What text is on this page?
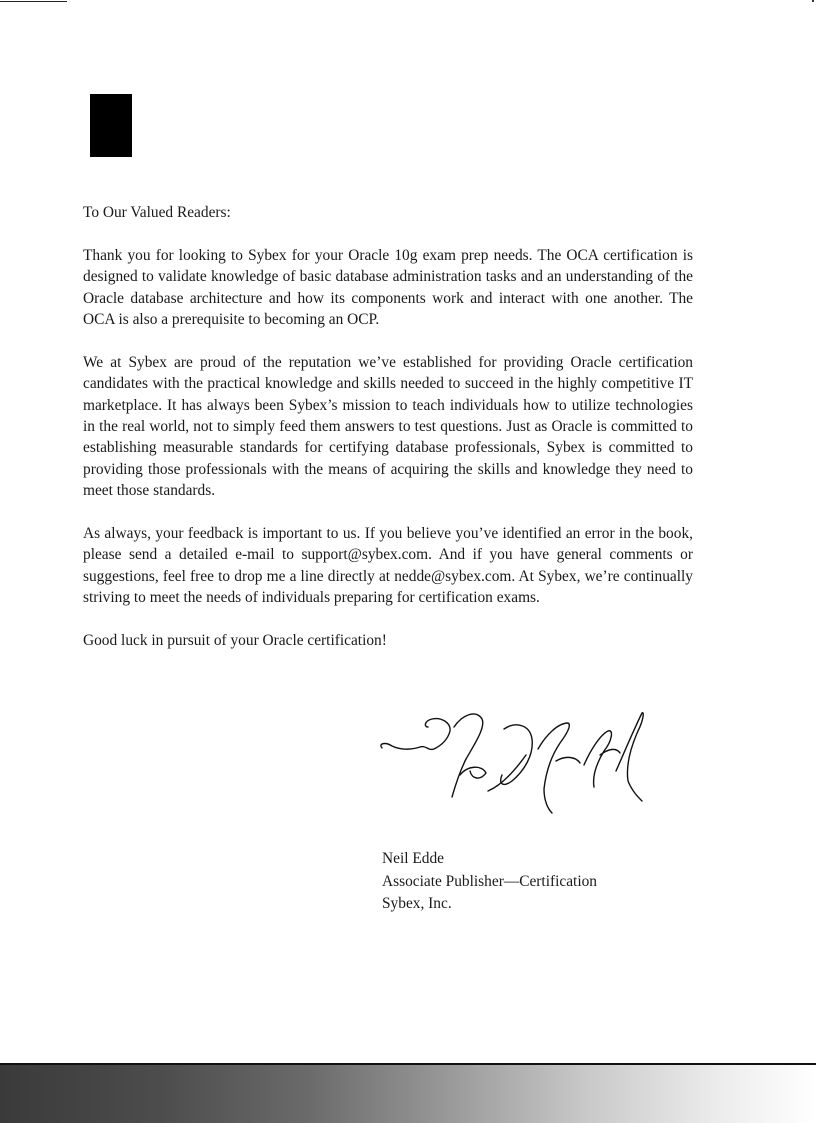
To Our Valued Readers:

Thank you for looking to Sybex for your Oracle 10g exam prep needs. The OCA certification is designed to validate knowledge of basic database administration tasks and an understanding of the Oracle database architecture and how its components work and interact with one another. The OCA is also a prerequisite to becoming an OCP.

We at Sybex are proud of the reputation we’ve established for providing Oracle certification candidates with the practical knowledge and skills needed to succeed in the highly competitive IT marketplace. It has always been Sybex’s mission to teach individuals how to utilize technologies in the real world, not to simply feed them answers to test questions. Just as Oracle is committed to establishing measurable standards for certifying database professionals, Sybex is committed to providing those professionals with the means of acquiring the skills and knowledge they need to meet those standards.

As always, your feedback is important to us. If you believe you’ve identified an error in the book, please send a detailed e-mail to support@sybex.com. And if you have general comments or suggestions, feel free to drop me a line directly at nedde@sybex.com. At Sybex, we’re continually striving to meet the needs of individuals preparing for certification exams.

Good luck in pursuit of your Oracle certification!

Neil Edde
Associate Publisher—Certification
Sybex, Inc.
